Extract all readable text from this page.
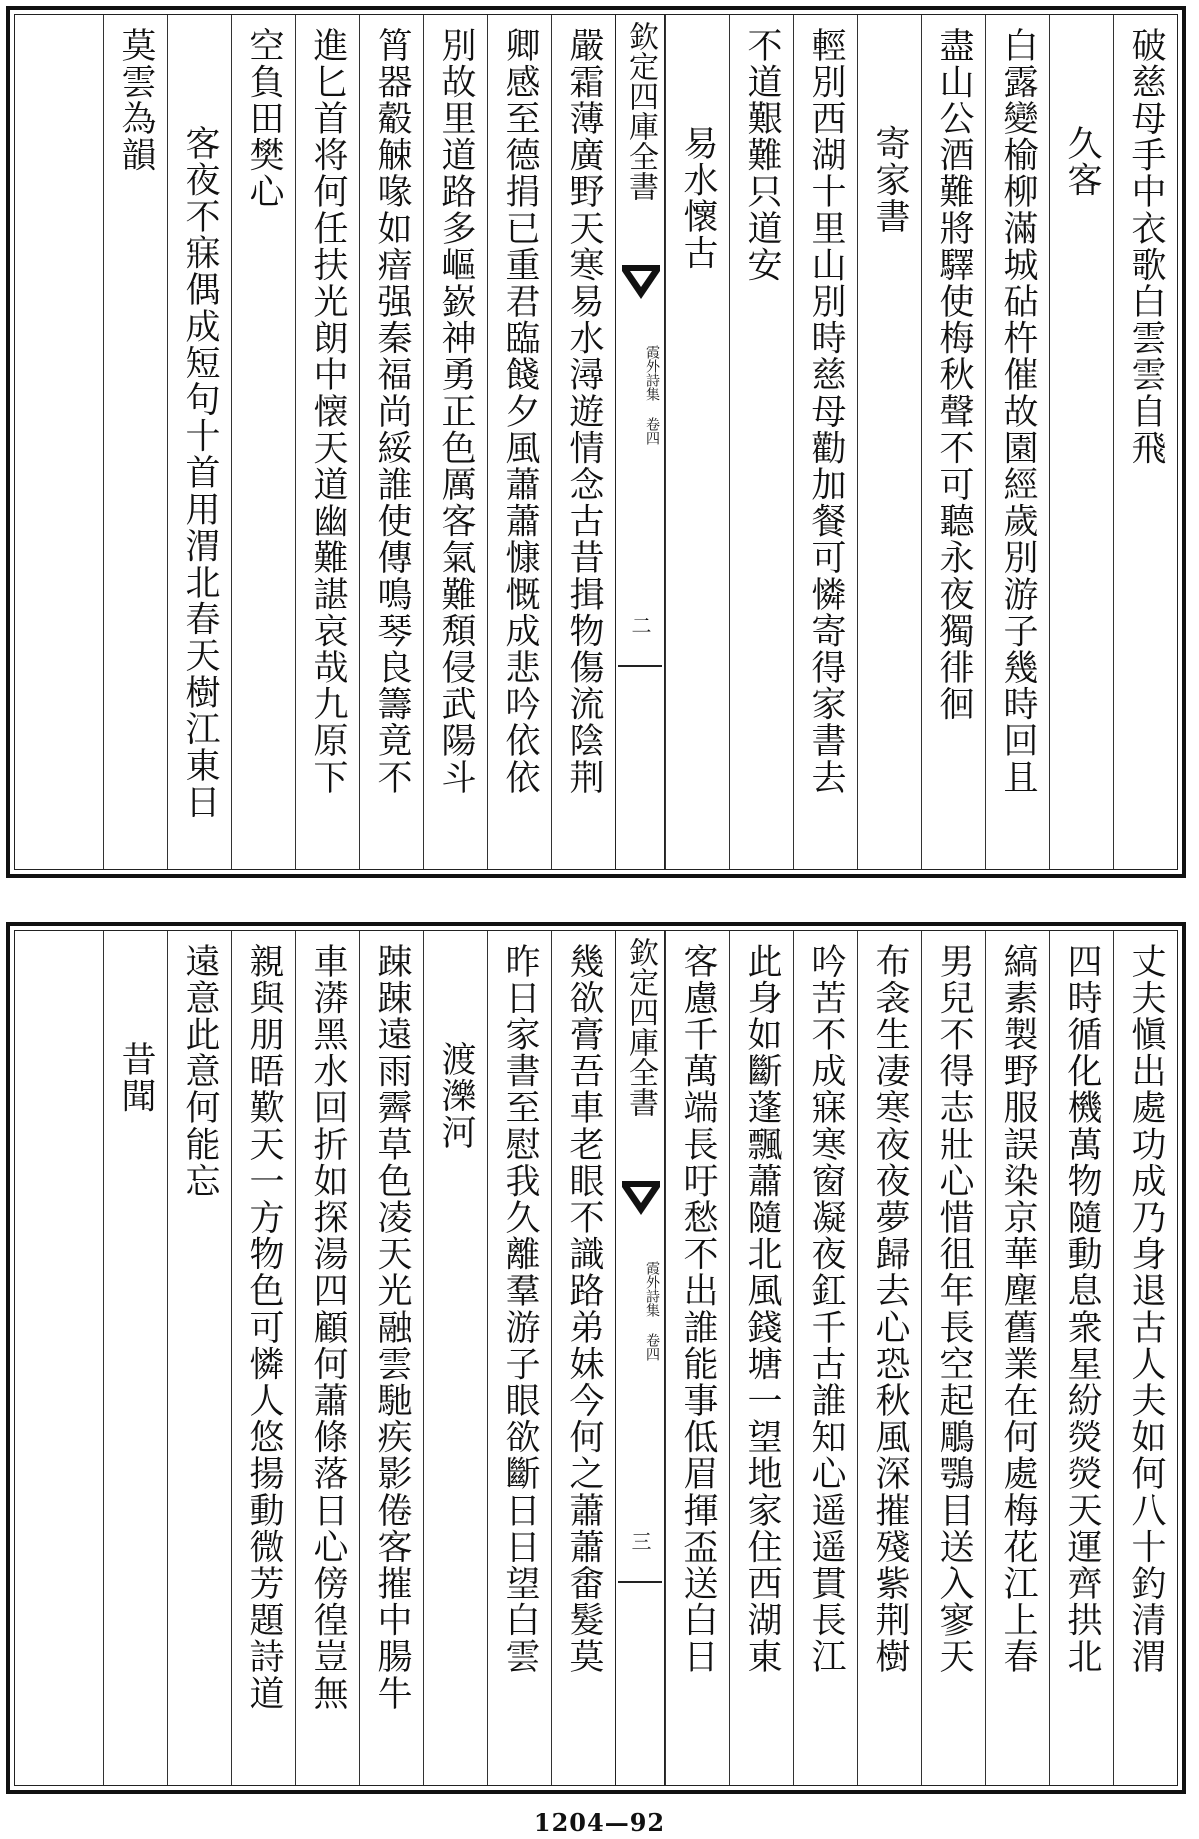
破慈母手中衣歌白雲雲自飛
久客
白露變榆柳滿城砧杵催故園經歲別游子幾時回且
盡山公酒難將驛使梅秋聲不可聽永夜獨徘徊
寄家書
輕別西湖十里山別時慈母勸加餐可憐寄得家書去
不道艱難只道安
易水懷古
欽定四庫全書
霞外詩集 卷四
二
嚴霜薄廣野天寒易水潯遊情念古昔揖物傷流陰荆
卿感至德捐已重君臨餞夕風蕭蕭慷慨成悲吟依依
別故里道路多嶇嶔神勇正色厲客氣難頽侵武陽斗
筲器觳觫喙如瘖强秦福尚綏誰使傳鳴琴良籌竟不
進匕首将何任扶光朗中懐天道幽難諶哀哉九原下
空負田樊心
客夜不寐偶成短句十首用渭北春天樹江東日
莫雲為韻
丈夫愼出處功成乃身退古人夫如何八十釣清渭
四時循化機萬物隨動息衆星紛熒熒天運齊拱北
縞素製野服誤染京華塵舊業在何處梅花江上春
男兒不得志壯心惜徂年長空起鵰鶚目送入寥天
布衾生凄寒夜夜夢歸去心恐秋風深摧殘紫荆樹
吟苦不成寐寒窗凝夜釭千古誰知心遥遥貫長江
此身如斷蓬飄蕭隨北風錢塘一望地家住西湖東
客慮千萬端長吁愁不出誰能事低眉揮盃送白日
欽定四庫全書
霞外詩集 卷四
三
幾欲膏吾車老眼不識路弟妹今何之蕭蕭畬髮莫
昨日家書至慰我久離羣游子眼欲斷日日望白雲
渡濼河
踈踈遠雨霽草色凌天光融雲馳疾影倦客摧中腸牛
車漭黑水回折如探湯四顧何蕭條落日心傍徨豈無
親與朋晤歎天一方物色可憐人悠揚動微芳題詩道
遠意此意何能忘
昔聞
1204—92
